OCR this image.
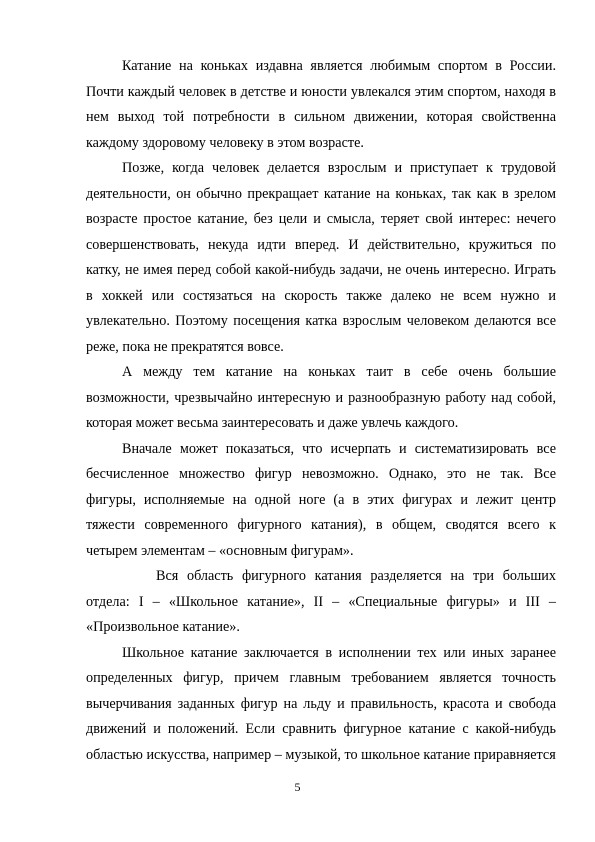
Катание на коньках издавна является любимым спортом в России. Почти каждый человек в детстве и юности увлекался этим спортом, находя в нем выход той потребности в сильном движении, которая свойственна каждому здоровому человеку в этом возрасте.

Позже, когда человек делается взрослым и приступает к трудовой деятельности, он обычно прекращает катание на коньках, так как в зрелом возрасте простое катание, без цели и смысла, теряет свой интерес: нечего совершенствовать, некуда идти вперед. И действительно, кружиться по катку, не имея перед собой какой-нибудь задачи, не очень интересно. Играть в хоккей или состязаться на скорость также далеко не всем нужно и увлекательно. Поэтому посещения катка взрослым человеком делаются все реже, пока не прекратятся вовсе.

А между тем катание на коньках таит в себе очень большие возможности, чрезвычайно интересную и разнообразную работу над собой, которая может весьма заинтересовать и даже увлечь каждого.

Вначале может показаться, что исчерпать и систематизировать все бесчисленное множество фигур невозможно. Однако, это не так. Все фигуры, исполняемые на одной ноге (а в этих фигурах и лежит центр тяжести современного фигурного катания), в общем, сводятся всего к четырем элементам – «основным фигурам».

Вся область фигурного катания разделяется на три больших отдела: I – «Школьное катание», II – «Специальные фигуры» и III – «Произвольное катание».

Школьное катание заключается в исполнении тех или иных заранее определенных фигур, причем главным требованием является точность вычерчивания заданных фигур на льду и правильность, красота и свобода движений и положений. Если сравнить фигурное катание с какой-нибудь областью искусства, например – музыкой, то школьное катание приравняется

5
